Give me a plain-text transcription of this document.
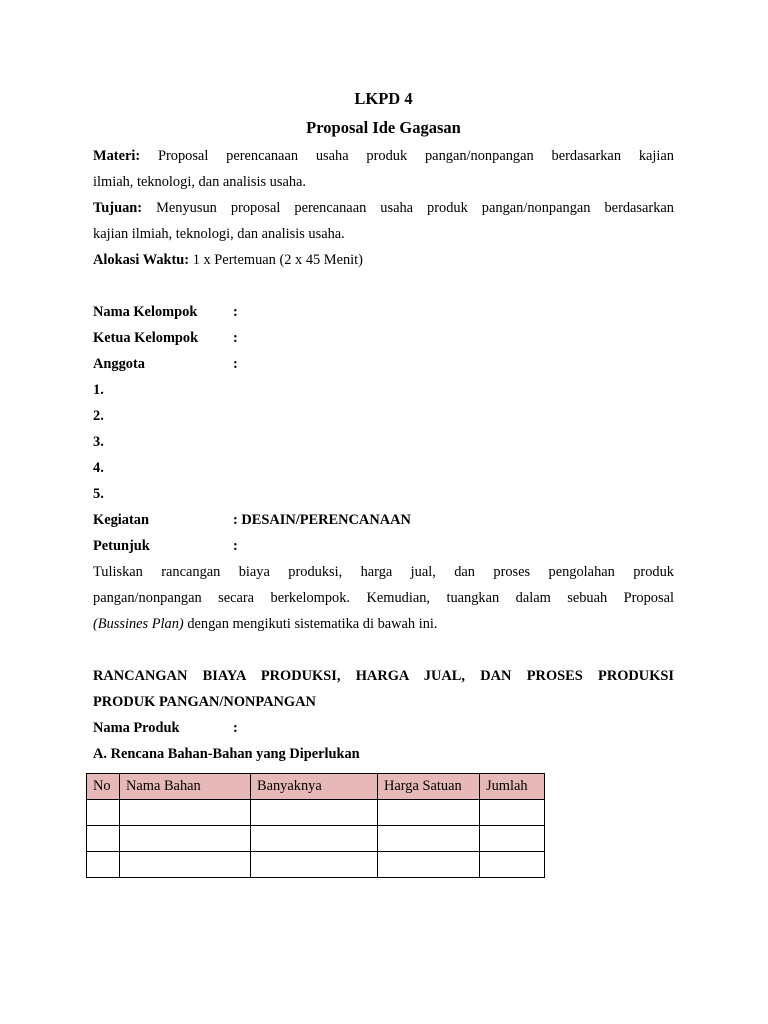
LKPD 4
Proposal Ide Gagasan
Materi: Proposal perencanaan usaha produk pangan/nonpangan berdasarkan kajian
ilmiah, teknologi, dan analisis usaha.
Tujuan: Menyusun proposal perencanaan usaha produk pangan/nonpangan berdasarkan
kajian ilmiah, teknologi, dan analisis usaha.
Alokasi Waktu: 1 x Pertemuan (2 x 45 Menit)
Nama Kelompok	:
Ketua Kelompok	:
Anggota	:
1.
2.
3.
4.
5.
Kegiatan	: DESAIN/PERENCANAAN
Petunjuk	:
Tuliskan rancangan biaya produksi, harga jual, dan proses pengolahan produk
pangan/nonpangan secara berkelompok. Kemudian, tuangkan dalam sebuah Proposal
(Bussines Plan) dengan mengikuti sistematika di bawah ini.
RANCANGAN BIAYA PRODUKSI, HARGA JUAL, DAN PROSES PRODUKSI
PRODUK PANGAN/NONPANGAN
Nama Produk	:
A. Rencana Bahan-Bahan yang Diperlukan
No	Nama Bahan	Banyaknya	Harga Satuan	Jumlah
